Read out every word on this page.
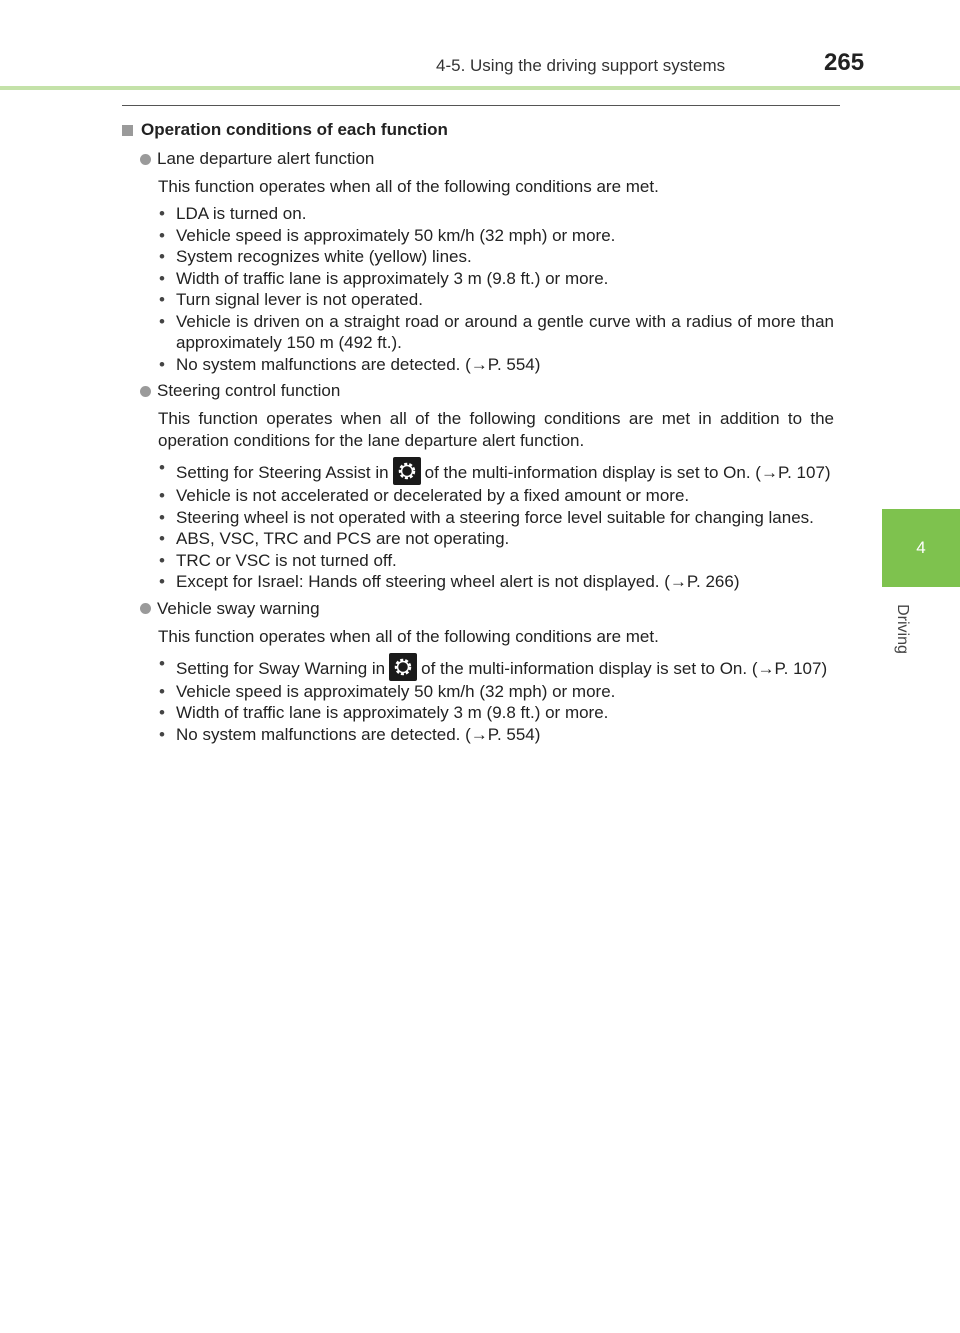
4-5. Using the driving support systems	265
4
Driving
Operation conditions of each function
Lane departure alert function
This function operates when all of the following conditions are met.
• LDA is turned on.
• Vehicle speed is approximately 50 km/h (32 mph) or more.
• System recognizes white (yellow) lines.
• Width of traffic lane is approximately 3 m (9.8 ft.) or more.
• Turn signal lever is not operated.
• Vehicle is driven on a straight road or around a gentle curve with a radius of more than approximately 150 m (492 ft.).
• No system malfunctions are detected. (→P. 554)
Steering control function
This function operates when all of the following conditions are met in addition to the operation conditions for the lane departure alert function.
• Setting for Steering Assist in of the multi-information display is set to On. (→P. 107)
• Vehicle is not accelerated or decelerated by a fixed amount or more.
• Steering wheel is not operated with a steering force level suitable for changing lanes.
• ABS, VSC, TRC and PCS are not operating.
• TRC or VSC is not turned off.
• Except for Israel: Hands off steering wheel alert is not displayed. (→P. 266)
Vehicle sway warning
This function operates when all of the following conditions are met.
• Setting for Sway Warning in of the multi-information display is set to On. (→P. 107)
• Vehicle speed is approximately 50 km/h (32 mph) or more.
• Width of traffic lane is approximately 3 m (9.8 ft.) or more.
• No system malfunctions are detected. (→P. 554)
